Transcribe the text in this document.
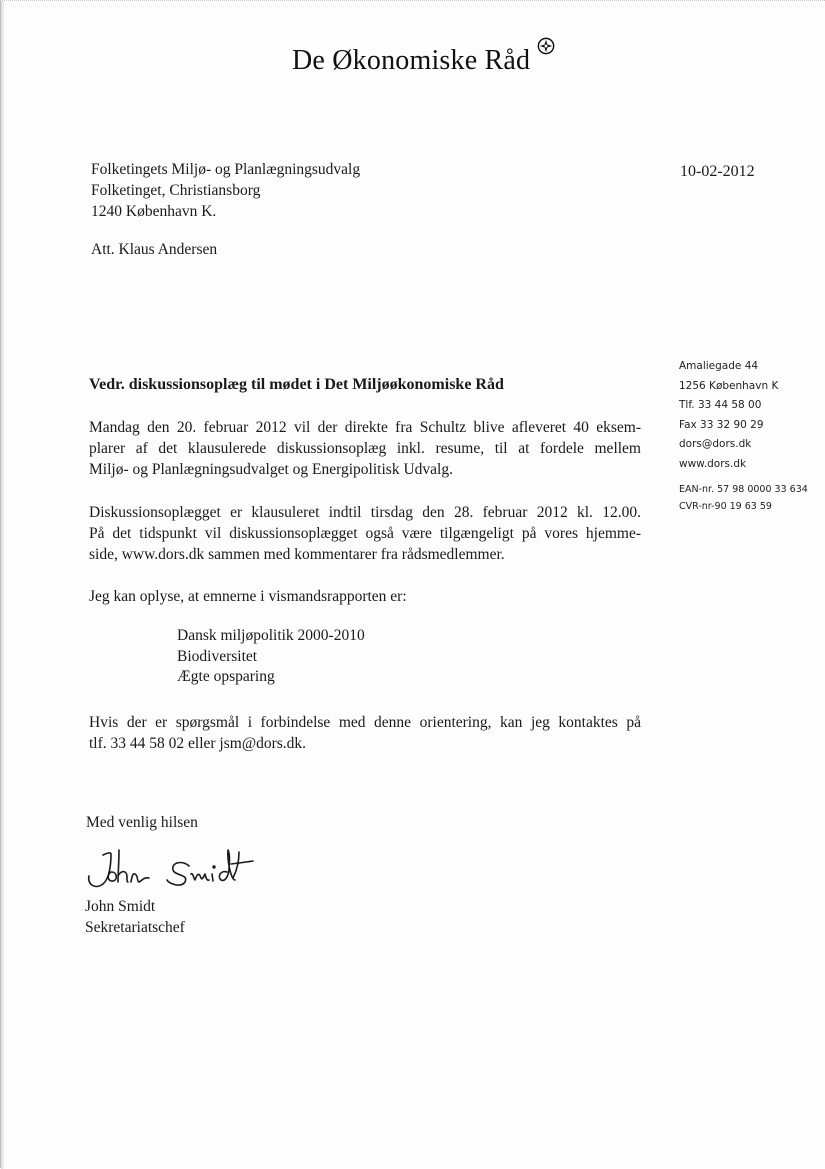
De Økonomiske Råd
Folketingets Miljø- og Planlægningsudvalg
Folketinget, Christiansborg
1240 København K.
10-02-2012
Att. Klaus Andersen
Amaliegade 44
1256 København K
Tlf. 33 44 58 00
Fax 33 32 90 29
dors@dors.dk
www.dors.dk
EAN-nr. 57 98 0000 33 634
CVR-nr-90 19 63 59
Vedr. diskussionsoplæg til mødet i Det Miljøøkonomiske Råd
Mandag den 20. februar 2012 vil der direkte fra Schultz blive afleveret 40 eksem-
plarer af det klausulerede diskussionsoplæg inkl. resume, til at fordele mellem
Miljø- og Planlægningsudvalget og Energipolitisk Udvalg.
Diskussionsoplægget er klausuleret indtil tirsdag den 28. februar 2012 kl. 12.00.
På det tidspunkt vil diskussionsoplægget også være tilgængeligt på vores hjemme-
side, www.dors.dk sammen med kommentarer fra rådsmedlemmer.
Jeg kan oplyse, at emnerne i vismandsrapporten er:
Dansk miljøpolitik 2000-2010
Biodiversitet
Ægte opsparing
Hvis der er spørgsmål i forbindelse med denne orientering, kan jeg kontaktes på
tlf. 33 44 58 02 eller jsm@dors.dk.
Med venlig hilsen
John Smidt
Sekretariatschef
